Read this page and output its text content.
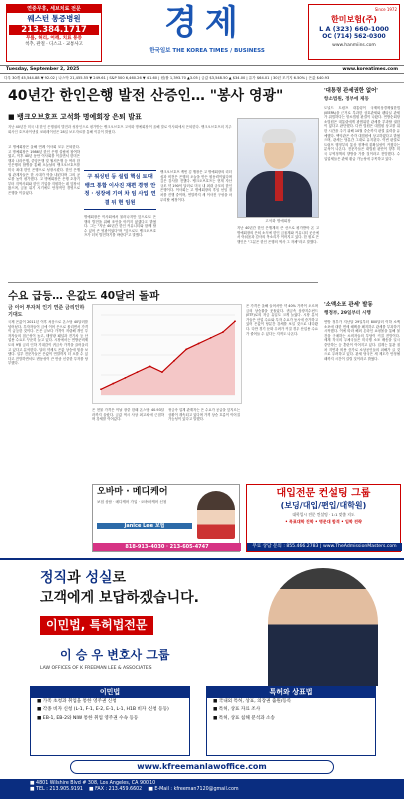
연중무휴, 세브치료 전문
웨스턴 통증병원
213.384.1717
무릎, 허리, 어깨, 치료 통증
척추, 관절 · 디스크 · 교통사고
경제
한국일보 THE KOREA TIMES / BUSINESS
Since 1972
한미보험(주)
L A (323) 660-1000
OC (714) 562-0300
www.hanmiins.com
Tuesday, September 2, 2025	www.koreatimes.com
다우 30개 45,544.88 ▼ 92.02 | 나스닥 21,455.55 ▼ 249.61 | S&P 500 6,460.26 ▼ 41.60 | 원/불 1,393.70 ▲3.05 | 금값 $3,548.50 ▲ $34.00 | 유가 $64.01 | 30년 모기지 6.50% | 은값 $40.93
40년간 한인은행 발전 산증인… "봉사 영광"
■ 뱅크오브호프 고석화 명예회장 은퇴 발표
지난 40년간 미국 내 한인 은행권의 발전과 성장인으로 평가받는 뱅크오브호프 고석화 명예회장이 올해 말로 이사회에서 은퇴한다. 뱅크오브호프의 지주회사인 호프파이낸셜 코퍼레이션은 28일 보도자료를 통해 이같이 밝혔다.
고 명예회장은 올해 연례 이사회 모두 은퇴한다. 고 명예회장은 1986년 한인 은행 설립에 참여하였고, 이후 40년 동안 이사회를 이끌면서 한미은행과 나라은행, 중앙은행 및 윌셔은행 등 여러 한인은행의 합병을 통해 오늘날의 뱅크오브호프를 미국 최대 한인 은행으로 성장시켰다. 한인 은행권 관계자들은 한 시대가 막을 내린다며 그의 공로를 높이 평가했다. 고 명예회장은 은행 초창기부터 지역사회와 한인 기업을 지원하는 데 앞장서 왔으며, 금융 위기 시기에도 안정적인 경영으로 은행을 이끌었다.
구 워싱턴 등 설립 핵심 토대 뱅크 통합 이사진 재편 경영 안정 · 성장에 기여 차 임 사업 연결 뒤 현 임원
명예회장은 이사회에서 물러나지만 앞으로도 은행의 발전을 위해 조언을 아끼지 않겠다고 밝혔다. 그는 "지난 40년간 한인 커뮤니티와 함께 할 수 있어 큰 영광이었다"며 "앞으로도 뱅크오브호프가 더욱 발전하기를 바란다"고 말했다.
뱅크오브호프 케빈 김 행장은 고 명예회장의 리더십과 비전은 은행의 오늘을 만든 원동력이었다며 깊은 감사를 전했다. 뱅크오브호프는 현재 자산 규모 약 190억 달러로 미국 내 최대 규모의 한인 은행이다. 이사회는 고 명예회장의 후임 선임 절차를 진행 중이며, 연말까지 새 이사진 구성을 마무리할 예정이다.
고석화 명예회장
지난 40년간 한인 은행계의 큰 산으로 평가받아 온 고 명예회장의 은퇴 소식에 한인 금융계와 커뮤니티 곳곳에서 아쉬움과 감사의 목소리가 이어지고 있다. 한 원로 은행인은 "그분은 한인 은행의 역사 그 자체"라고 말했다.
'대통령 관세권한 없어'
항소법원, 정부에 제동
도널드 트럼프 대통령이 국제비상경제권한법(IEEPA)을 근거로 부과한 상호관세와 펜타닐 관세가 위법하다는 항소법원 판결이 나왔다. 연방순회항소법원은 대통령에게 광범위한 관세를 부과할 권한이 없다고 판단했다. 다만 법원은 대법원 상고를 위한 시간을 주기 위해 10월 중순까지 판결 효력을 유예했다. 백악관은 즉각 대법원에 상고하겠다고 밝혔으며, 관세는 당분간 그대로 유지된다. 이번 판결로 트럼프 행정부의 통상 정책에 불확실성이 커졌다는 분석이 나온다. 전문가들은 대법원 판단이 향후 미국 무역정책의 향방을 가를 것이라고 전망했다. 수입업체들은 관세 환급 가능성에 주목하고 있다.
'소액소포 관세' 발동
행정부, 29일부터 시행
연방 정부가 지난달 29일부터 800달러 이하 소액 소포에 대한 면세 혜택을 폐지하고 관세를 부과하기 시작했다. 이에 따라 해외 온라인 쇼핑몰을 통해 물건을 구매하는 소비자들의 부담이 커질 전망이다. 세계 각국의 우체국들은 미국행 소포 배송을 일시 중단하는 등 혼란이 이어지고 있다. 업계는 통관 절차 지연과 비용 증가로 소상공인들의 피해가 클 것으로 우려하고 있다. 관세 당국은 새 제도가 안정될 때까지 시간이 걸릴 것이라고 밝혔다.
수요 급등… 은값도 40달러 돌파
금 이어 투자처 인기 연준 금리인하 기대도
국제 은값이 2011년 이후 처음으로 온스당 40달러를 넘어섰다. 투자자들이 금에 이어 은으로 몰리면서 가격이 급등한 것이다. 은은 금보다 가격이 저렴해 개인 투자자들의 접근성이 높고, 태양광 패널과 전기차 등 산업용 수요도 꾸준히 늘고 있다. 시장에서는 연방준비제도의 9월 금리 인하 기대감이 귀금속 가격을 끌어올리고 있다고 분석한다. 달러 약세도 은값 상승에 힘을 보탰다. 일부 전문가들은 은값이 연말까지 더 오를 수 있다고 전망하면서도 변동성이 큰 만큼 신중한 투자를 당부했다.
은 현물 가격은 이날 장중 한때 온스당 40.93달러까지 올랐다. 금값 역시 사상 최고치에 근접하며 강세를 이어갔다.
귀금속 업계 관계자는 은 수요가 공급을 앞지르는 상황이 계속되고 있다며 가격 상승 흐름이 이어질 가능성이 있다고 말했다.
은 가격은 올해 들어서만 약 40% 가까이 오르며 금의 상승률을 웃돌았다. 귀금속 상장지수펀드(ETF)로의 자금 유입도 크게 늘었다. 시장 분석가들은 산업 수요와 투자 수요가 동시에 증가하고 있어 은값이 당분간 강세를 보일 것으로 내다봤다. 다만 경기 둔화 우려가 커질 경우 산업용 수요가 줄어들 수 있다는 지적도 나온다.
오바마 · 메디케어
보험 상담 · 메디케어 가입 · 오바마케어 신청
Janice Lee 보험
818-913-4030 · 213-605-4747
대입전문 컨설팅 그룹
(보딩/대입/편입/대학원)
대학입시 전문 컨설팅 · 1:1 맞춤 지도
• 목표대학 진학 • 명문대 합격 • 입학 전략
무료 상담 문의 : 855.466.2783 | www.TheAdmissionMasters.com
정직과 성실로
고객에게 보답하겠습니다.
이민법, 특허법전문
이 승 우 변호사 그룹
LAW OFFICES OF K FREEMAN LEE & ASSOCIATES
이민법
■ 가족 초청과 취업을 통한 영주권 신청
■ 각종 비자 신청 (L-1, F-1, E-2, E-1, L-1, H1B 비자 신청 등등)
■ EB-1, EB-2와 NIW 통한 취업 영주권 수속 등등
특허와 상표법
■ 국내외 특허, 상표, 의장권 출원/등록
■ 특허, 상표 자료 조사
■ 특허, 상표 침해 분석과 소송
www.kfreemanlawoffice.com
■ 4801 Wilshire Blvd # 308, Los Angeles, CA 90010
■ TEL : 213.905.9191 ■ FAX : 213.459.6602 ■ E-Mail : kfreeman7120@gmail.com
